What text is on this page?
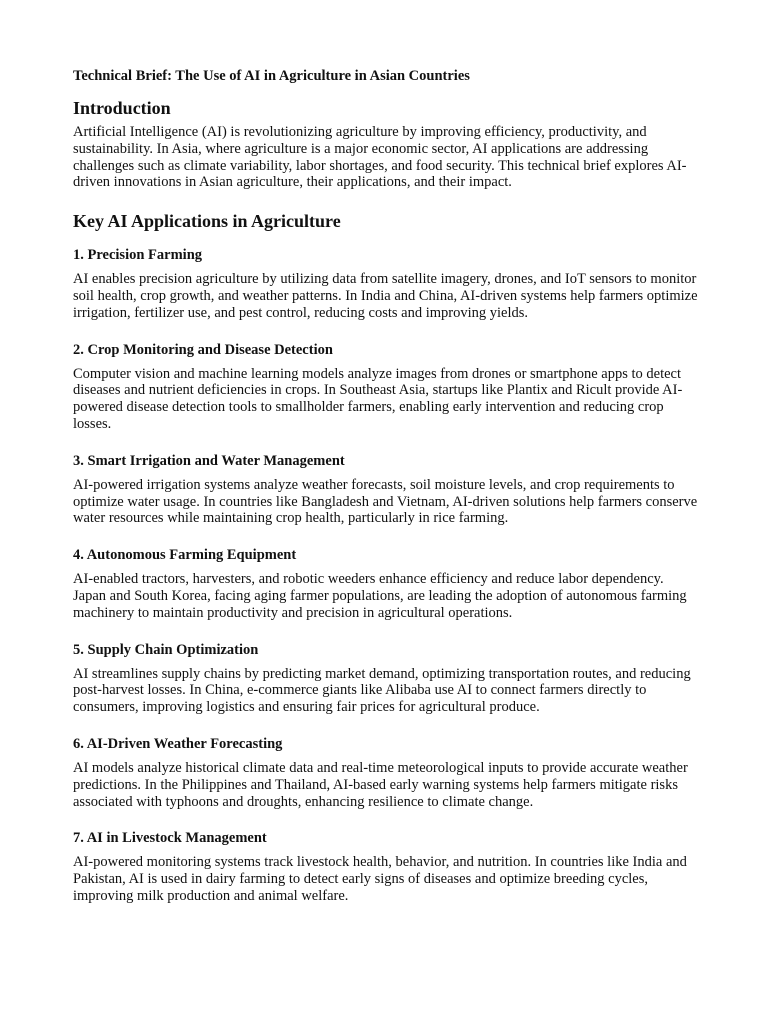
Technical Brief: The Use of AI in Agriculture in Asian Countries
Introduction

Artificial Intelligence (AI) is revolutionizing agriculture by improving efficiency, productivity, and sustainability. In Asia, where agriculture is a major economic sector, AI applications are addressing challenges such as climate variability, labor shortages, and food security. This technical brief explores AI-driven innovations in Asian agriculture, their applications, and their impact.

Key AI Applications in Agriculture
1. Precision Farming

AI enables precision agriculture by utilizing data from satellite imagery, drones, and IoT sensors to monitor soil health, crop growth, and weather patterns. In India and China, AI-driven systems help farmers optimize irrigation, fertilizer use, and pest control, reducing costs and improving yields.

2. Crop Monitoring and Disease Detection

Computer vision and machine learning models analyze images from drones or smartphone apps to detect diseases and nutrient deficiencies in crops. In Southeast Asia, startups like Plantix and Ricult provide AI-powered disease detection tools to smallholder farmers, enabling early intervention and reducing crop losses.

3. Smart Irrigation and Water Management

AI-powered irrigation systems analyze weather forecasts, soil moisture levels, and crop requirements to optimize water usage. In countries like Bangladesh and Vietnam, AI-driven solutions help farmers conserve water resources while maintaining crop health, particularly in rice farming.

4. Autonomous Farming Equipment

AI-enabled tractors, harvesters, and robotic weeders enhance efficiency and reduce labor dependency. Japan and South Korea, facing aging farmer populations, are leading the adoption of autonomous farming machinery to maintain productivity and precision in agricultural operations.

5. Supply Chain Optimization

AI streamlines supply chains by predicting market demand, optimizing transportation routes, and reducing post-harvest losses. In China, e-commerce giants like Alibaba use AI to connect farmers directly to consumers, improving logistics and ensuring fair prices for agricultural produce.

6. AI-Driven Weather Forecasting

AI models analyze historical climate data and real-time meteorological inputs to provide accurate weather predictions. In the Philippines and Thailand, AI-based early warning systems help farmers mitigate risks associated with typhoons and droughts, enhancing resilience to climate change.

7. AI in Livestock Management

AI-powered monitoring systems track livestock health, behavior, and nutrition. In countries like India and Pakistan, AI is used in dairy farming to detect early signs of diseases and optimize breeding cycles, improving milk production and animal welfare.
